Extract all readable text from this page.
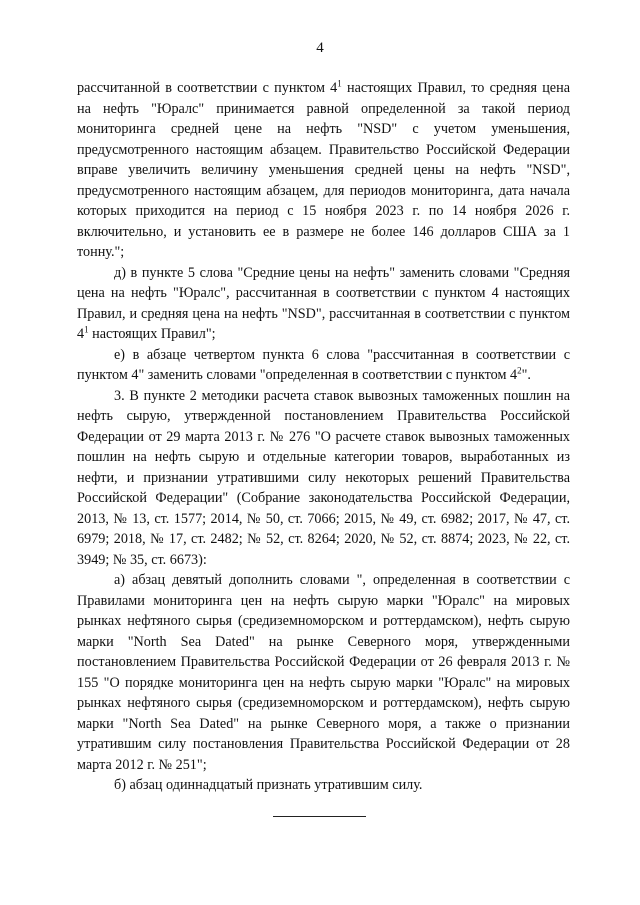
4

рассчитанной в соответствии с пунктом $4^1$ настоящих Правил, то средняя цена на нефть "Юралс" принимается равной определенной за такой период мониторинга средней цене на нефть "NSD" с учетом уменьшения, предусмотренного настоящим абзацем. Правительство Российской Федерации вправе увеличить величину уменьшения средней цены на нефть "NSD", предусмотренного настоящим абзацем, для периодов мониторинга, дата начала которых приходится на период с 15 ноября 2023 г. по 14 ноября 2026 г. включительно, и установить ее в размере не более 146 долларов США за 1 тонну.";

д) в пункте 5 слова "Средние цены на нефть" заменить словами "Средняя цена на нефть "Юралс", рассчитанная в соответствии с пунктом 4 настоящих Правил, и средняя цена на нефть "NSD", рассчитанная в соответствии с пунктом $4^1$ настоящих Правил";

е) в абзаце четвертом пункта 6 слова "рассчитанная в соответствии с пунктом 4" заменить словами "определенная в соответствии с пунктом $4^2$".

3. В пункте 2 методики расчета ставок вывозных таможенных пошлин на нефть сырую, утвержденной постановлением Правительства Российской Федерации от 29 марта 2013 г. № 276 "О расчете ставок вывозных таможенных пошлин на нефть сырую и отдельные категории товаров, выработанных из нефти, и признании утратившими силу некоторых решений Правительства Российской Федерации" (Собрание законодательства Российской Федерации, 2013, № 13, ст. 1577; 2014, № 50, ст. 7066; 2015, № 49, ст. 6982; 2017, № 47, ст. 6979; 2018, № 17, ст. 2482; № 52, ст. 8264; 2020, № 52, ст. 8874; 2023, № 22, ст. 3949; № 35, ст. 6673):

а) абзац девятый дополнить словами ", определенная в соответствии с Правилами мониторинга цен на нефть сырую марки "Юралс" на мировых рынках нефтяного сырья (средиземноморском и роттердамском), нефть сырую марки "North Sea Dated" на рынке Северного моря, утвержденными постановлением Правительства Российской Федерации от 26 февраля 2013 г. № 155 "О порядке мониторинга цен на нефть сырую марки "Юралс" на мировых рынках нефтяного сырья (средиземноморском и роттердамском), нефть сырую марки "North Sea Dated" на рынке Северного моря, а также о признании утратившим силу постановления Правительства Российской Федерации от 28 марта 2012 г. № 251";

б) абзац одиннадцатый признать утратившим силу.
